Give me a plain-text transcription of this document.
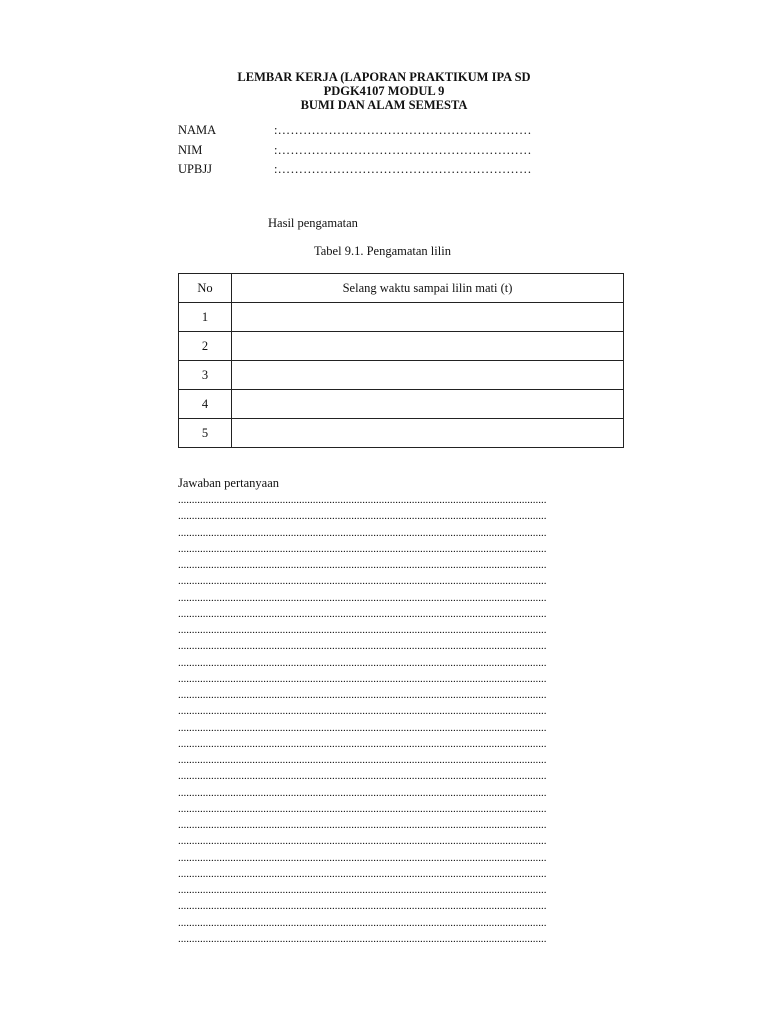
LEMBAR KERJA (LAPORAN PRAKTIKUM IPA SD
PDGK4107 MODUL 9
BUMI DAN ALAM SEMESTA
NAMA	:……………………………………………………
NIM	:……………………………………………………
UPBJJ	:……………………………………………………
Hasil pengamatan
Tabel 9.1. Pengamatan lilin
No	Selang waktu sampai lilin mati (t)
1	
2	
3	
4	
5	
Jawaban pertanyaan
......................................................................................................................................
......................................................................................................................................
......................................................................................................................................
......................................................................................................................................
......................................................................................................................................
......................................................................................................................................
......................................................................................................................................
......................................................................................................................................
......................................................................................................................................
......................................................................................................................................
......................................................................................................................................
......................................................................................................................................
......................................................................................................................................
......................................................................................................................................
......................................................................................................................................
......................................................................................................................................
......................................................................................................................................
......................................................................................................................................
......................................................................................................................................
......................................................................................................................................
......................................................................................................................................
......................................................................................................................................
......................................................................................................................................
......................................................................................................................................
......................................................................................................................................
......................................................................................................................................
......................................................................................................................................
......................................................................................................................................
